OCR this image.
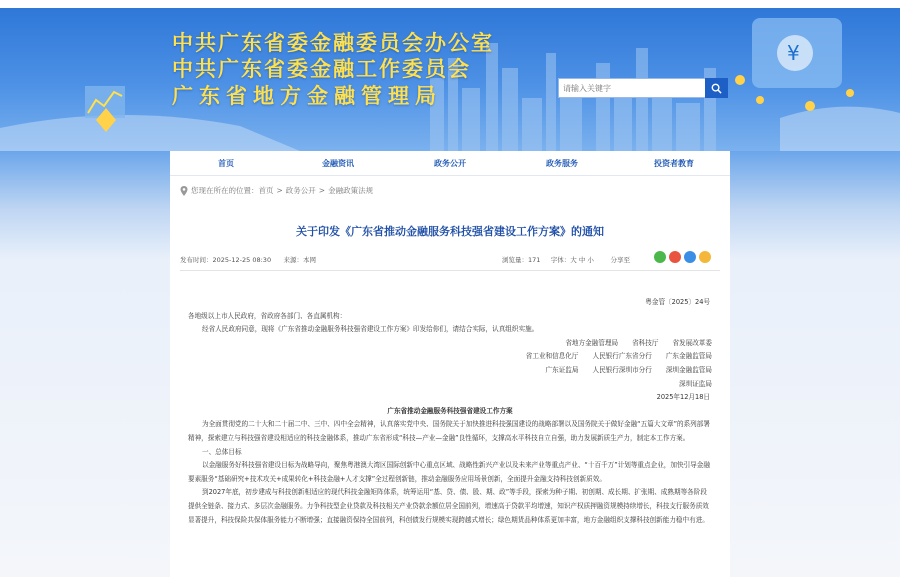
¥
中共广东省委金融委员会办公室
中共广东省委金融工作委员会
广东省地方金融管理局
请输入关键字
首页	金融资讯	政务公开	政务服务	投资者教育
您现在所在的位置：首页 > 政务公开 > 金融政策法规
关于印发《广东省推动金融服务科技强省建设工作方案》的通知
发布时间：2025-12-25 08:30 来源：本网	浏览量：171 字体：大 中 小	分享至

粤金管〔2025〕24号

各地级以上市人民政府，省政府各部门、各直属机构：

经省人民政府同意，现将《广东省推动金融服务科技强省建设工作方案》印发给你们，请结合实际，认真组织实施。

省地方金融管理局 省科技厅 省发展改革委
省工业和信息化厅 人民银行广东省分行 广东金融监管局
广东证监局 人民银行深圳市分行 深圳金融监管局
深圳证监局

2025年12月18日

广东省推动金融服务科技强省建设工作方案

为全面贯彻党的二十大和二十届二中、三中、四中全会精神，认真落实党中央、国务院关于加快推进科技强国建设的战略部署以及国务院关于做好金融“五篇大文章”的系列部署精神，探索建立与科技强省建设相适应的科技金融体系，推动广东省形成“科技—产业—金融”良性循环，支撑高水平科技自立自强，助力发展新质生产力，制定本工作方案。

一、总体目标

以金融服务好科技强省建设目标为战略导向，聚焦粤港澳大湾区国际创新中心重点区域、战略性新兴产业以及未来产业等重点产业、“十百千万”计划等重点企业，加快引导金融要素服务“基础研究+技术攻关+成果转化+科技金融+人才支撑”全过程创新链，推动金融服务应用场景创新，全面提升金融支持科技创新质效。

到2027年底，初步建成与科技创新相适应的现代科技金融矩阵体系，统筹运用“基、贷、债、股、期、政”等手段，探索为种子期、初创期、成长期、扩张期、成熟期等各阶段提供全链条、接力式、多层次金融服务。力争科技型企业贷款及科技相关产业贷款余额位居全国前列，增速高于贷款平均增速，知识产权质押融资规模持续增长，科技支行服务质效显著提升，科技保险共保体服务能力不断增强；直接融资保持全国前列，科创债发行规模实现跨越式增长；绿色期货品种体系更加丰富，地方金融组织支撑科技创新能力稳中有进。
